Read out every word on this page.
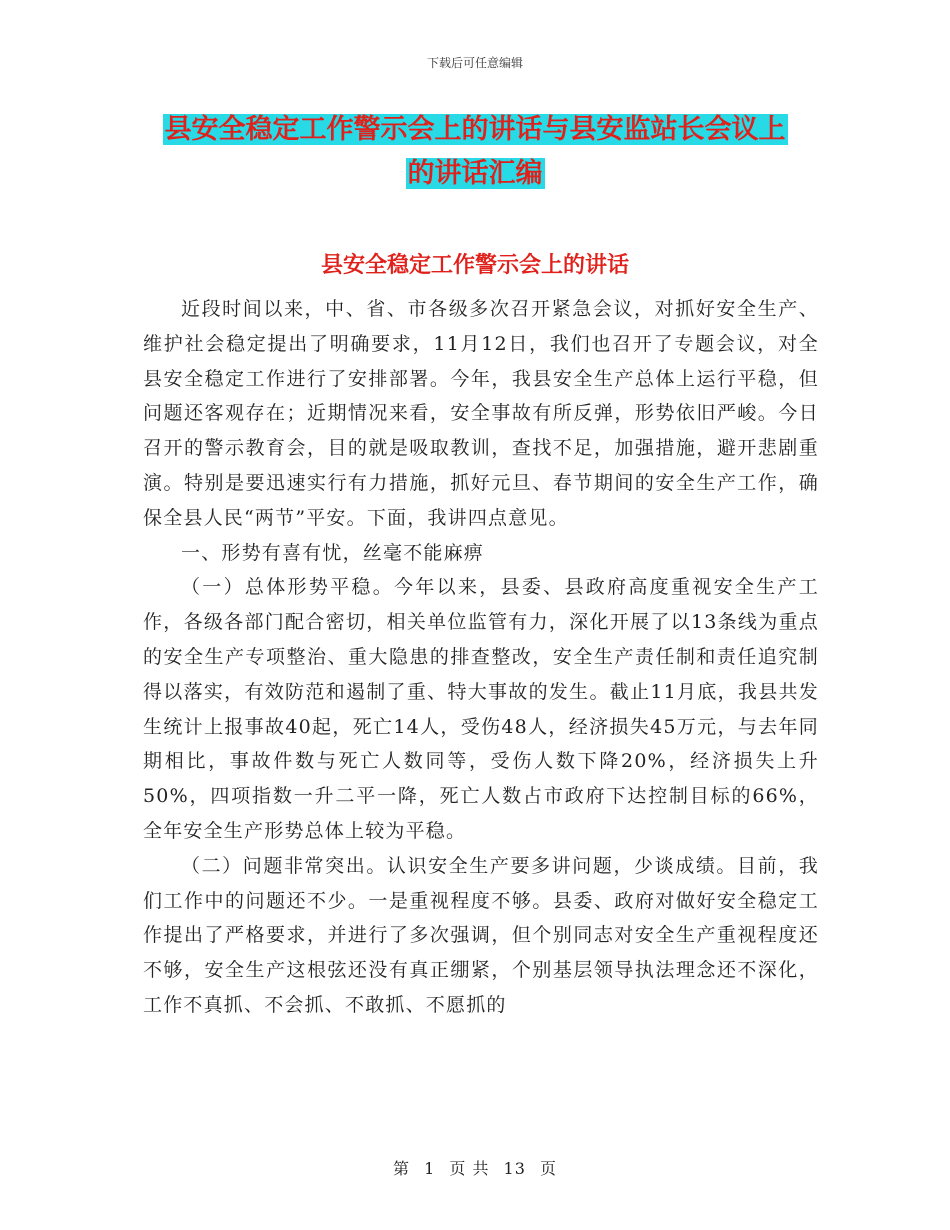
下载后可任意编辑
县安全稳定工作警示会上的讲话与县安监站长会议上
的讲话汇编
县安全稳定工作警示会上的讲话

近段时间以来，中、省、市各级多次召开紧急会议，对抓好安全生产、维护社会稳定提出了明确要求，11月12日，我们也召开了专题会议，对全县安全稳定工作进行了安排部署。今年，我县安全生产总体上运行平稳，但问题还客观存在；近期情况来看，安全事故有所反弹，形势依旧严峻。今日召开的警示教育会，目的就是吸取教训，查找不足，加强措施，避开悲剧重演。特别是要迅速实行有力措施，抓好元旦、春节期间的安全生产工作，确保全县人民“两节”平安。下面，我讲四点意见。

一、形势有喜有忧，丝毫不能麻痹

（一）总体形势平稳。今年以来，县委、县政府高度重视安全生产工作，各级各部门配合密切，相关单位监管有力，深化开展了以13条线为重点的安全生产专项整治、重大隐患的排查整改，安全生产责任制和责任追究制得以落实，有效防范和遏制了重、特大事故的发生。截止11月底，我县共发生统计上报事故40起，死亡14人，受伤48人，经济损失45万元，与去年同期相比，事故件数与死亡人数同等，受伤人数下降20%，经济损失上升50%，四项指数一升二平一降，死亡人数占市政府下达控制目标的66%，全年安全生产形势总体上较为平稳。

（二）问题非常突出。认识安全生产要多讲问题，少谈成绩。目前，我们工作中的问题还不少。一是重视程度不够。县委、政府对做好安全稳定工作提出了严格要求，并进行了多次强调，但个别同志对安全生产重视程度还不够，安全生产这根弦还没有真正绷紧，个别基层领导执法理念还不深化，工作不真抓、不会抓、不敢抓、不愿抓的

第 1 页 共 13 页
